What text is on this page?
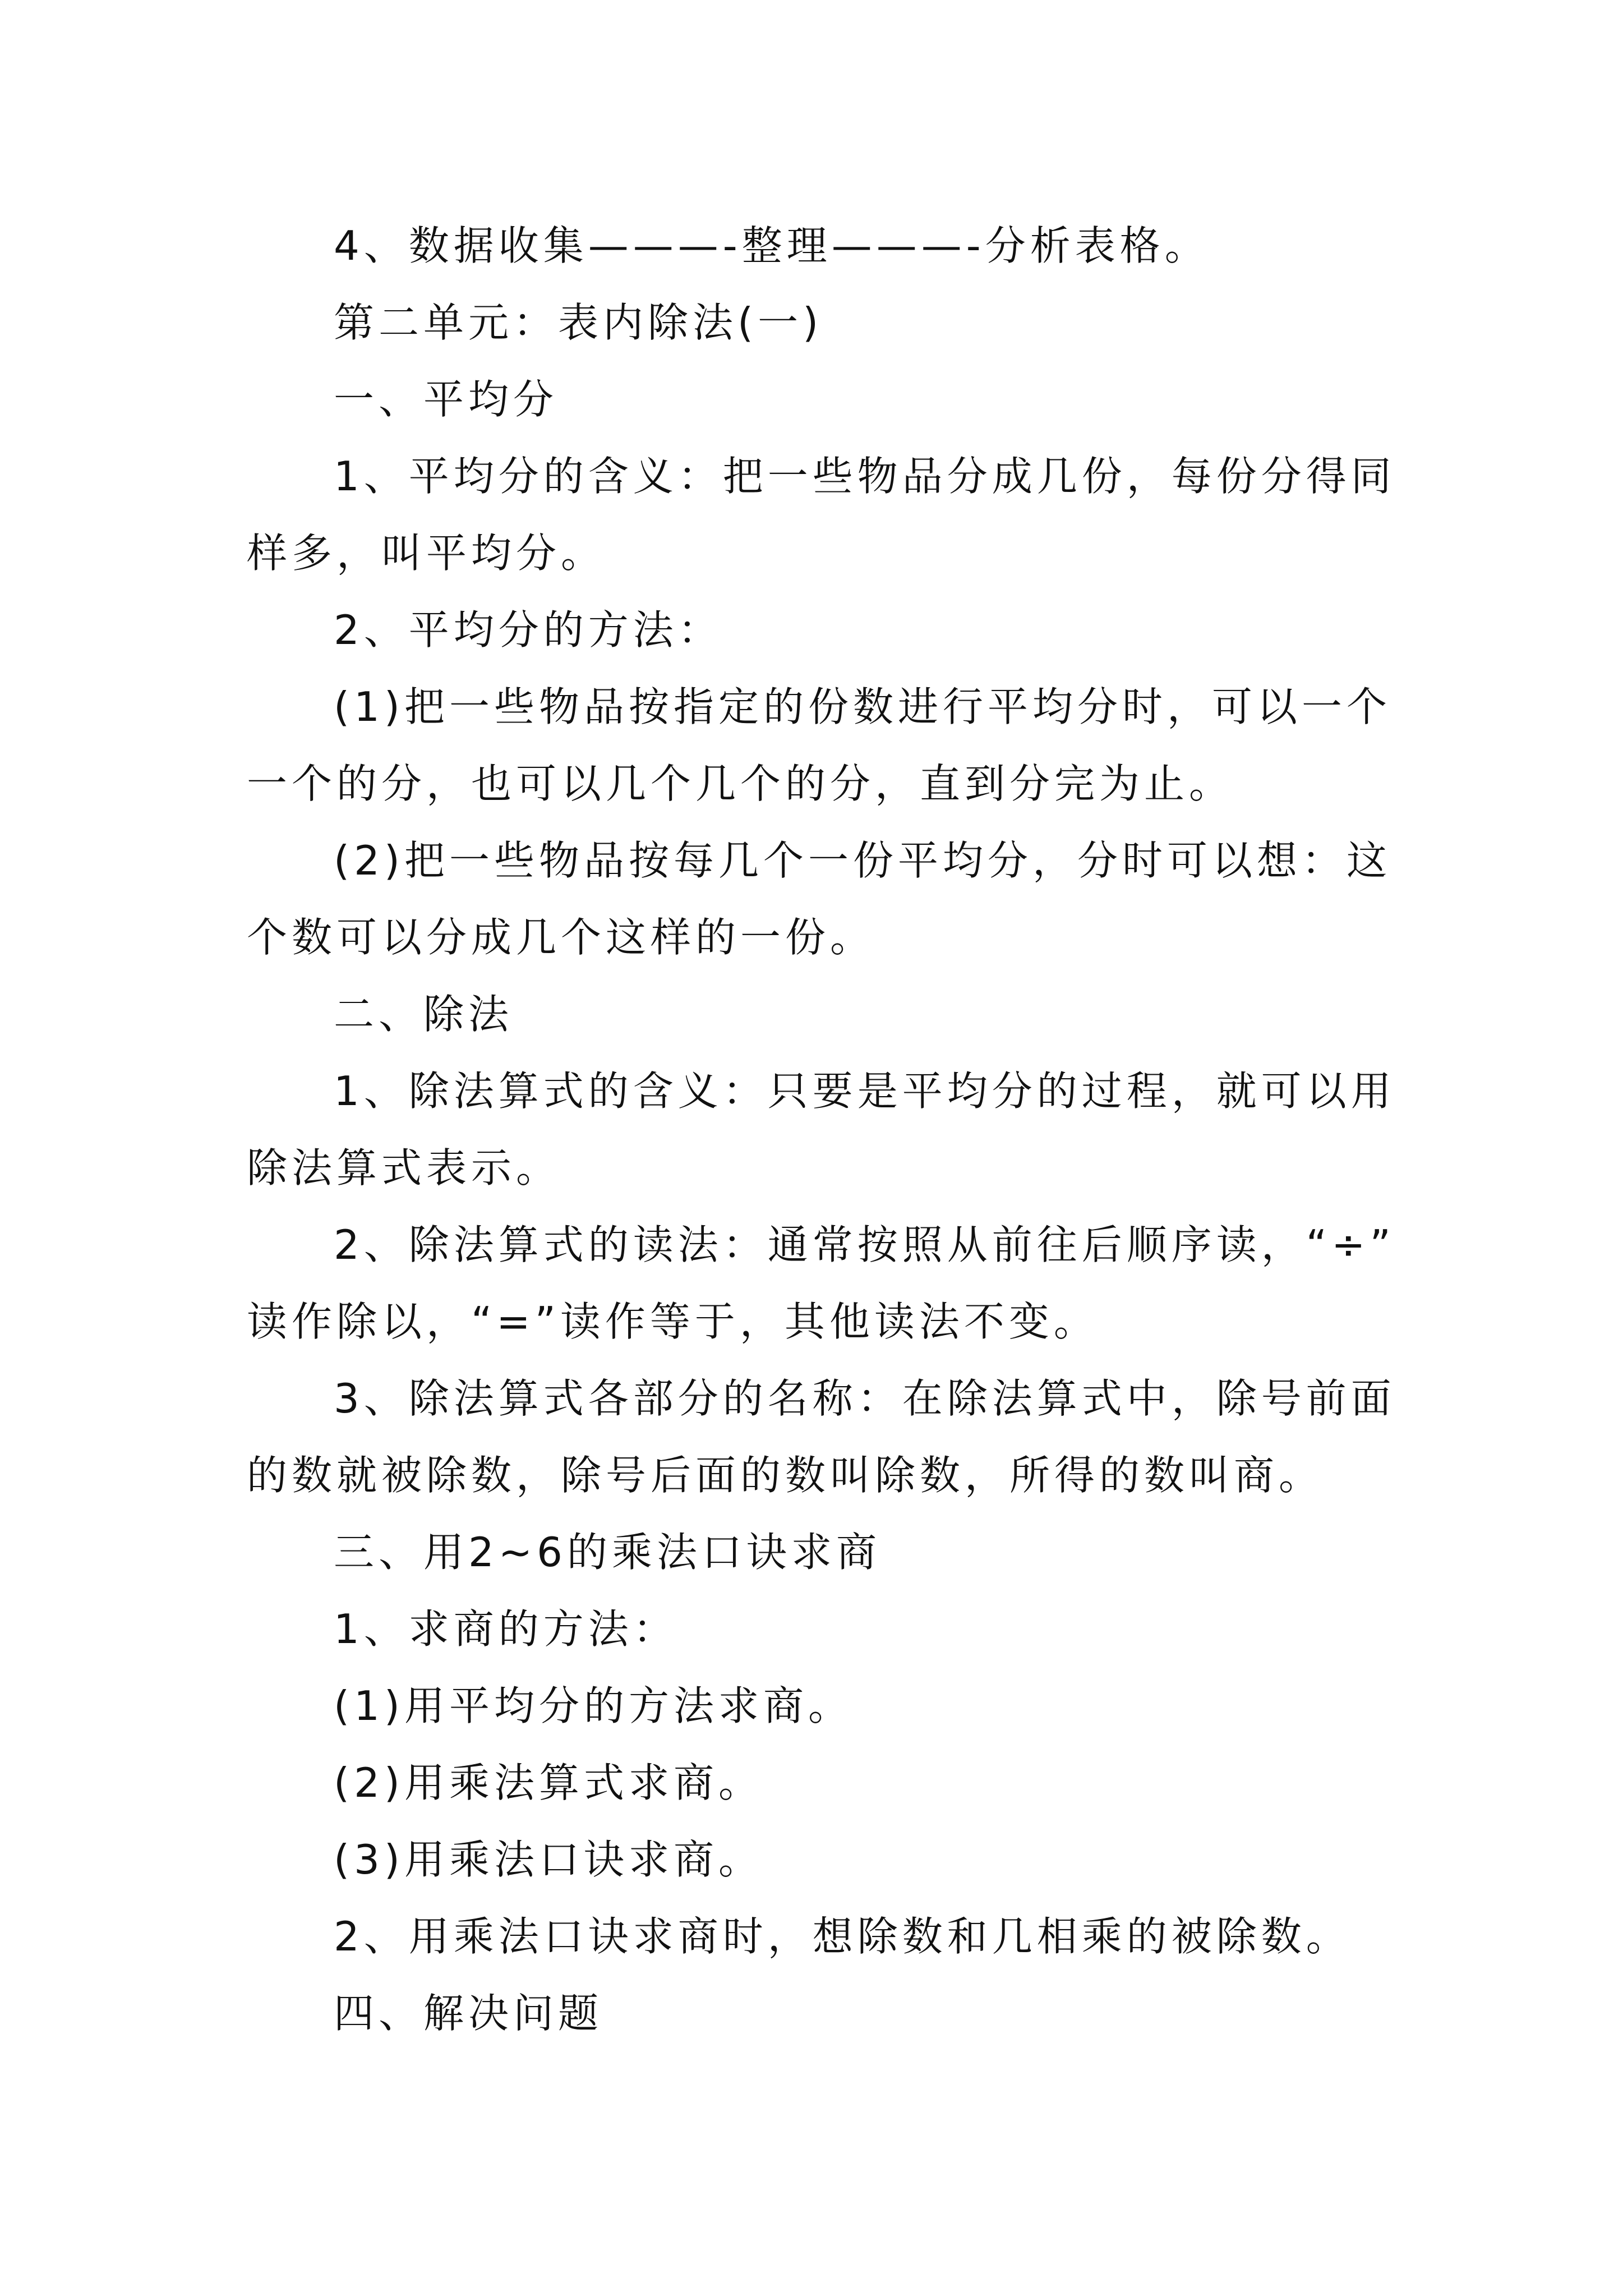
4、数据收集———-整理———-分析表格。
第二单元：表内除法(一)
一、平均分
1、平均分的含义：把一些物品分成几份，每份分得同
样多，叫平均分。
2、平均分的方法：
(1)把一些物品按指定的份数进行平均分时，可以一个
一个的分，也可以几个几个的分，直到分完为止。
(2)把一些物品按每几个一份平均分，分时可以想：这
个数可以分成几个这样的一份。
二、除法
1、除法算式的含义：只要是平均分的过程，就可以用
除法算式表示。
2、除法算式的读法：通常按照从前往后顺序读，“÷”
读作除以，“=”读作等于，其他读法不变。
3、除法算式各部分的名称：在除法算式中，除号前面
的数就被除数，除号后面的数叫除数，所得的数叫商。
三、用2~6的乘法口诀求商
1、求商的方法：
(1)用平均分的方法求商。
(2)用乘法算式求商。
(3)用乘法口诀求商。
2、用乘法口诀求商时，想除数和几相乘的被除数。
四、解决问题
